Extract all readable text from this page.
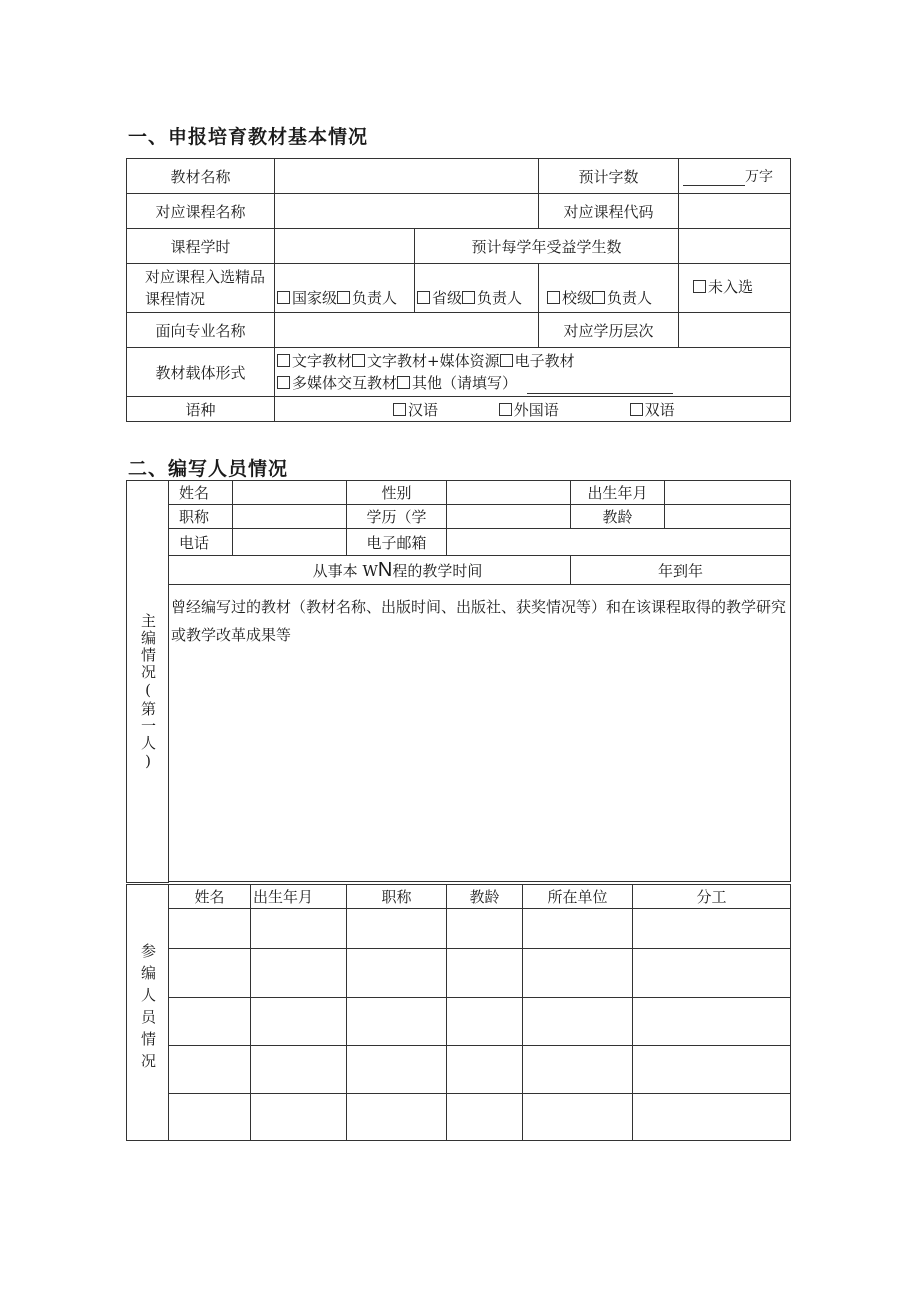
一、申报培育教材基本情况
教材名称			预计字数	万字
对应课程名称			对应课程代码	
课程学时		预计每学年受益学生数		
对应课程入选精品课程情况	国家级 负责人	省级 负责人	校级 负责人	未入选
面向专业名称			对应学历层次	
教材载体形式	文字教材 文字教材+媒体资源 电子教材
多媒体交互教材 其他（请填写）			

语种	汉语 外国语 双语			
二、编写人员情况
主编情况(第一人)	姓名		性别		出生年月	
	职称		学历（学		教龄	
	电话		电子邮箱			
	从事本 WN程的教学时间				年到年	
	曾经编写过的教材（教材名称、出版时间、出版社、获奖情况等）和在该课程取得的教学研究或教学改革成果等					

参编人员情况	姓名	出生年月	职称	教龄	所在单位	分工
